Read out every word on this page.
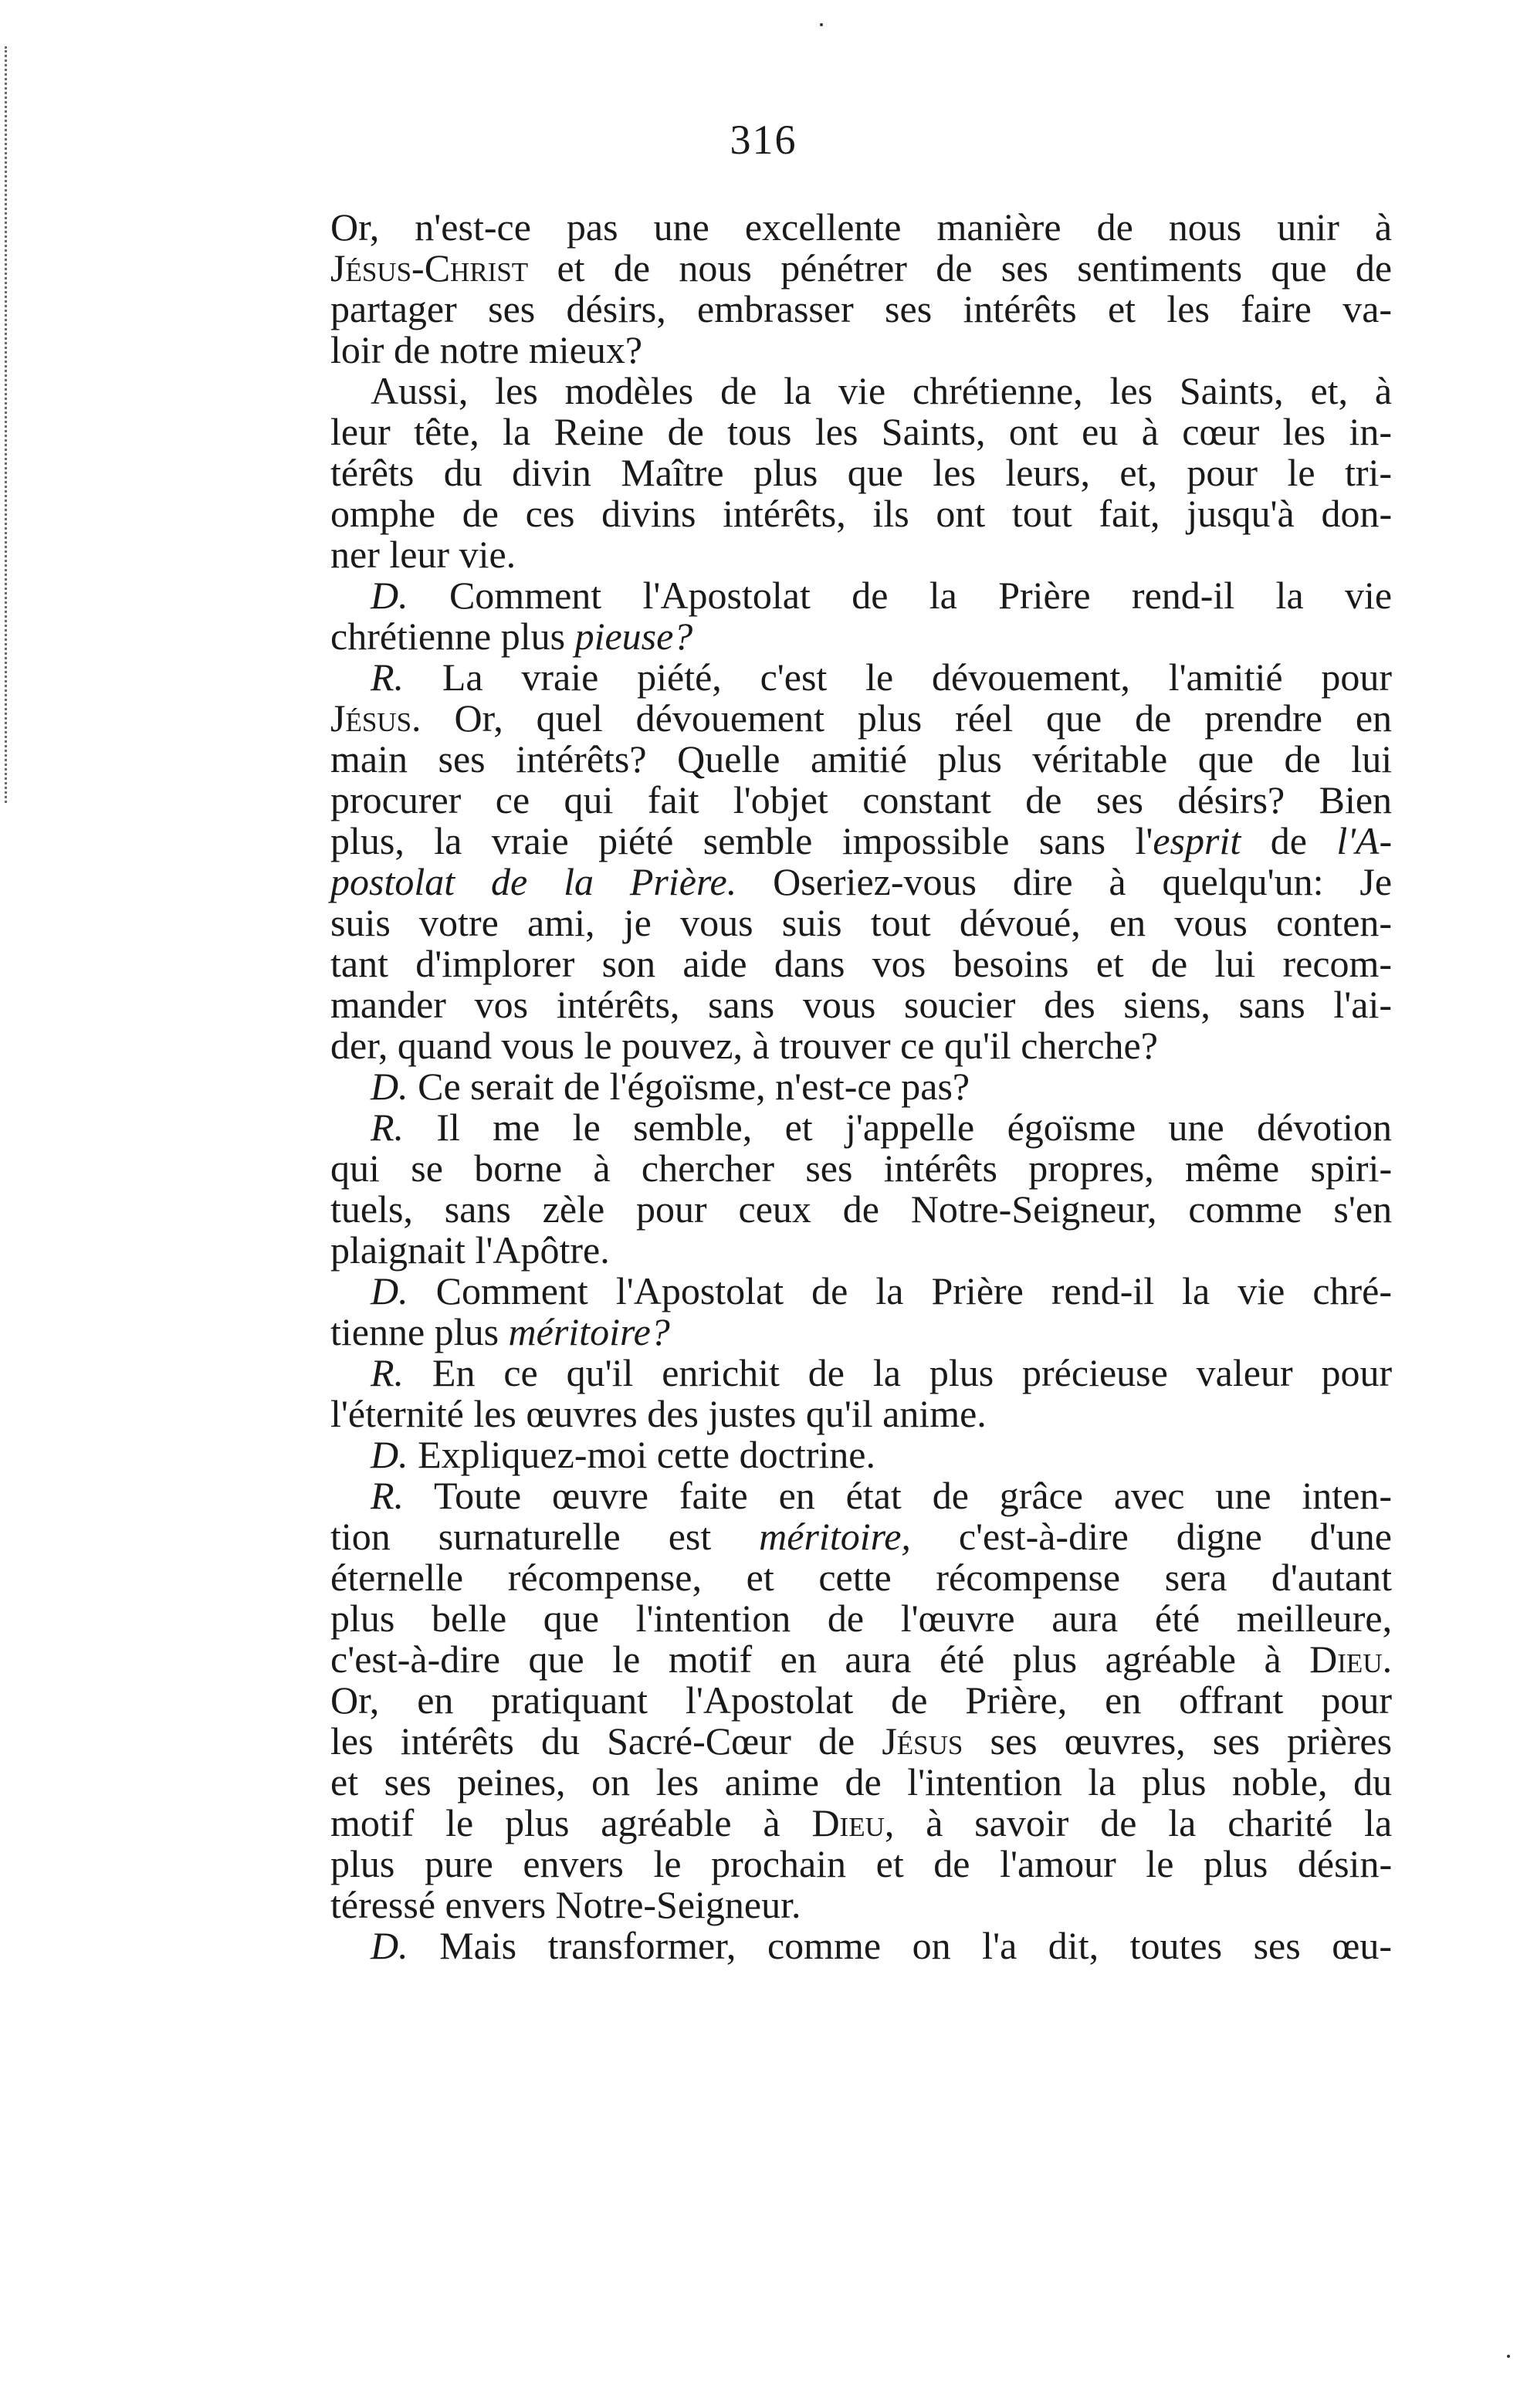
316
Or, n'est-ce pas une excellente manière de nous unir à
Jésus-Christ et de nous pénétrer de ses sentiments que de
partager ses désirs, embrasser ses intérêts et les faire va-
loir de notre mieux?
Aussi, les modèles de la vie chrétienne, les Saints, et, à
leur tête, la Reine de tous les Saints, ont eu à cœur les in-
térêts du divin Maître plus que les leurs, et, pour le tri-
omphe de ces divins intérêts, ils ont tout fait, jusqu'à don-
ner leur vie.
D. Comment l'Apostolat de la Prière rend-il la vie
chrétienne plus pieuse?
R. La vraie piété, c'est le dévouement, l'amitié pour
Jésus. Or, quel dévouement plus réel que de prendre en
main ses intérêts? Quelle amitié plus véritable que de lui
procurer ce qui fait l'objet constant de ses désirs? Bien
plus, la vraie piété semble impossible sans l'esprit de l'A-
postolat de la Prière. Oseriez-vous dire à quelqu'un: Je
suis votre ami, je vous suis tout dévoué, en vous conten-
tant d'implorer son aide dans vos besoins et de lui recom-
mander vos intérêts, sans vous soucier des siens, sans l'ai-
der, quand vous le pouvez, à trouver ce qu'il cherche?
D. Ce serait de l'égoïsme, n'est-ce pas?
R. Il me le semble, et j'appelle égoïsme une dévotion
qui se borne à chercher ses intérêts propres, même spiri-
tuels, sans zèle pour ceux de Notre-Seigneur, comme s'en
plaignait l'Apôtre.
D. Comment l'Apostolat de la Prière rend-il la vie chré-
tienne plus méritoire?
R. En ce qu'il enrichit de la plus précieuse valeur pour
l'éternité les œuvres des justes qu'il anime.
D. Expliquez-moi cette doctrine.
R. Toute œuvre faite en état de grâce avec une inten-
tion surnaturelle est méritoire, c'est-à-dire digne d'une
éternelle récompense, et cette récompense sera d'autant
plus belle que l'intention de l'œuvre aura été meilleure,
c'est-à-dire que le motif en aura été plus agréable à Dieu.
Or, en pratiquant l'Apostolat de Prière, en offrant pour
les intérêts du Sacré-Cœur de Jésus ses œuvres, ses prières
et ses peines, on les anime de l'intention la plus noble, du
motif le plus agréable à Dieu, à savoir de la charité la
plus pure envers le prochain et de l'amour le plus désin-
téressé envers Notre-Seigneur.
D. Mais transformer, comme on l'a dit, toutes ses œu-
